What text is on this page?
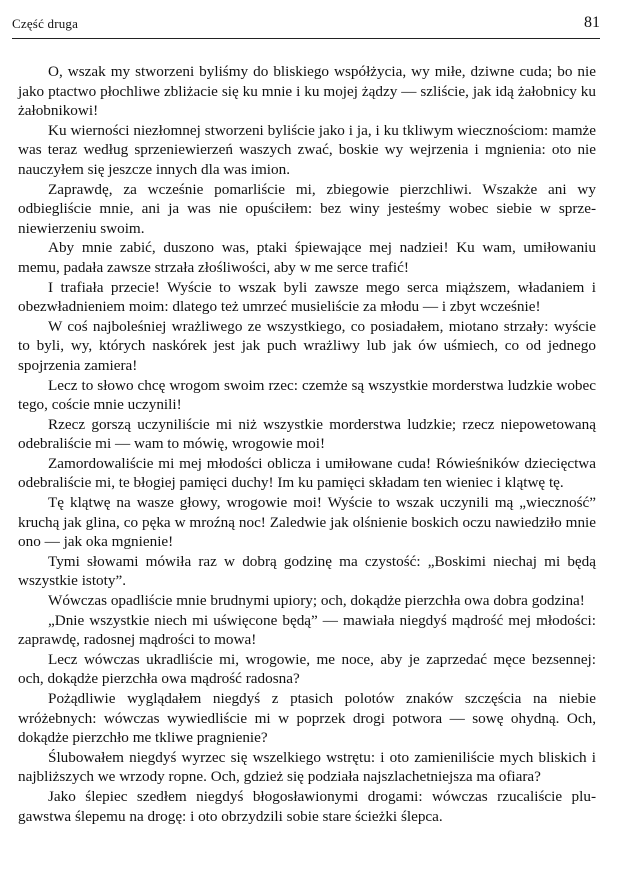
Część druga	81

O, wszak my stworzeni byliśmy do bliskiego współżycia, wy miłe, dziwne cuda; bo nie jako ptactwo płochliwe zbliżacie się ku mnie i ku mojej żądzy — szliście, jak idą żałobnicy ku żałobnikowi!

Ku wierności niezłomnej stworzeni byliście jako i ja, i ku tkliwym wiecznościom: mamże was teraz według sprzeniewierzeń waszych zwać, boskie wy wejrzenia i mgnienia: oto nie nauczyłem się jeszcze innych dla was imion.

Zaprawdę, za wcześnie pomarliście mi, zbiegowie pierzchliwi. Wszakże ani wy odbiegliście mnie, ani ja was nie opuściłem: bez winy jesteśmy wobec siebie w sprzeniewierzeniu swoim.

Aby mnie zabić, duszono was, ptaki śpiewające mej nadziei! Ku wam, umiłowaniu memu, padała zawsze strzała złośliwości, aby w me serce trafić!

I trafiała przecie! Wyście to wszak byli zawsze mego serca miąższem, władaniem i obezwładnieniem moim: dlatego też umrzeć musieliście za młodu — i zbyt wcześnie!

W coś najboleśniej wrażliwego ze wszystkiego, co posiadałem, miotano strzały: wyście to byli, wy, których naskórek jest jak puch wrażliwy lub jak ów uśmiech, co od jednego spojrzenia zamiera!

Lecz to słowo chcę wrogom swoim rzec: czemże są wszystkie morderstwa ludzkie wobec tego, coście mnie uczynili!

Rzecz gorszą uczyniliście mi niż wszystkie morderstwa ludzkie; rzecz niepowetowaną odebraliście mi — wam to mówię, wrogowie moi!

Zamordowaliście mi mej młodości oblicza i umiłowane cuda! Rówieśników dziecięctwa odebraliście mi, te błogiej pamięci duchy! Im ku pamięci składam ten wieniec i klątwę tę.

Tę klątwę na wasze głowy, wrogowie moi! Wyście to wszak uczynili mą „wieczność” kruchą jak glina, co pęka w mroźną noc! Zaledwie jak olśnienie boskich oczu nawiedziło mnie ono — jak oka mgnienie!

Tymi słowami mówiła raz w dobrą godzinę ma czystość: „Boskimi niechaj mi będą wszystkie istoty”.

Wówczas opadliście mnie brudnymi upiory; och, dokądże pierzchła owa dobra godzina!

„Dnie wszystkie niech mi uświęcone będą” — mawiała niegdyś mądrość mej młodości: zaprawdę, radosnej mądrości to mowa!

Lecz wówczas ukradliście mi, wrogowie, me noce, aby je zaprzedać męce bezsennej: och, dokądże pierzchła owa mądrość radosna?

Pożądliwie wyglądałem niegdyś z ptasich polotów znaków szczęścia na niebie wróżebnych: wówczas wywiedliście mi w poprzek drogi potwora — sowę ohydną. Och, dokądże pierzchło me tkliwe pragnienie?

Ślubowałem niegdyś wyrzec się wszelkiego wstrętu: i oto zamieniliście mych bliskich i najbliższych we wrzody ropne. Och, gdzież się podziała najszlachetniejsza ma ofiara?

Jako ślepiec szedłem niegdyś błogosławionymi drogami: wówczas rzucaliście plugawstwa ślepemu na drogę: i oto obrzydzili sobie stare ścieżki ślepca.
